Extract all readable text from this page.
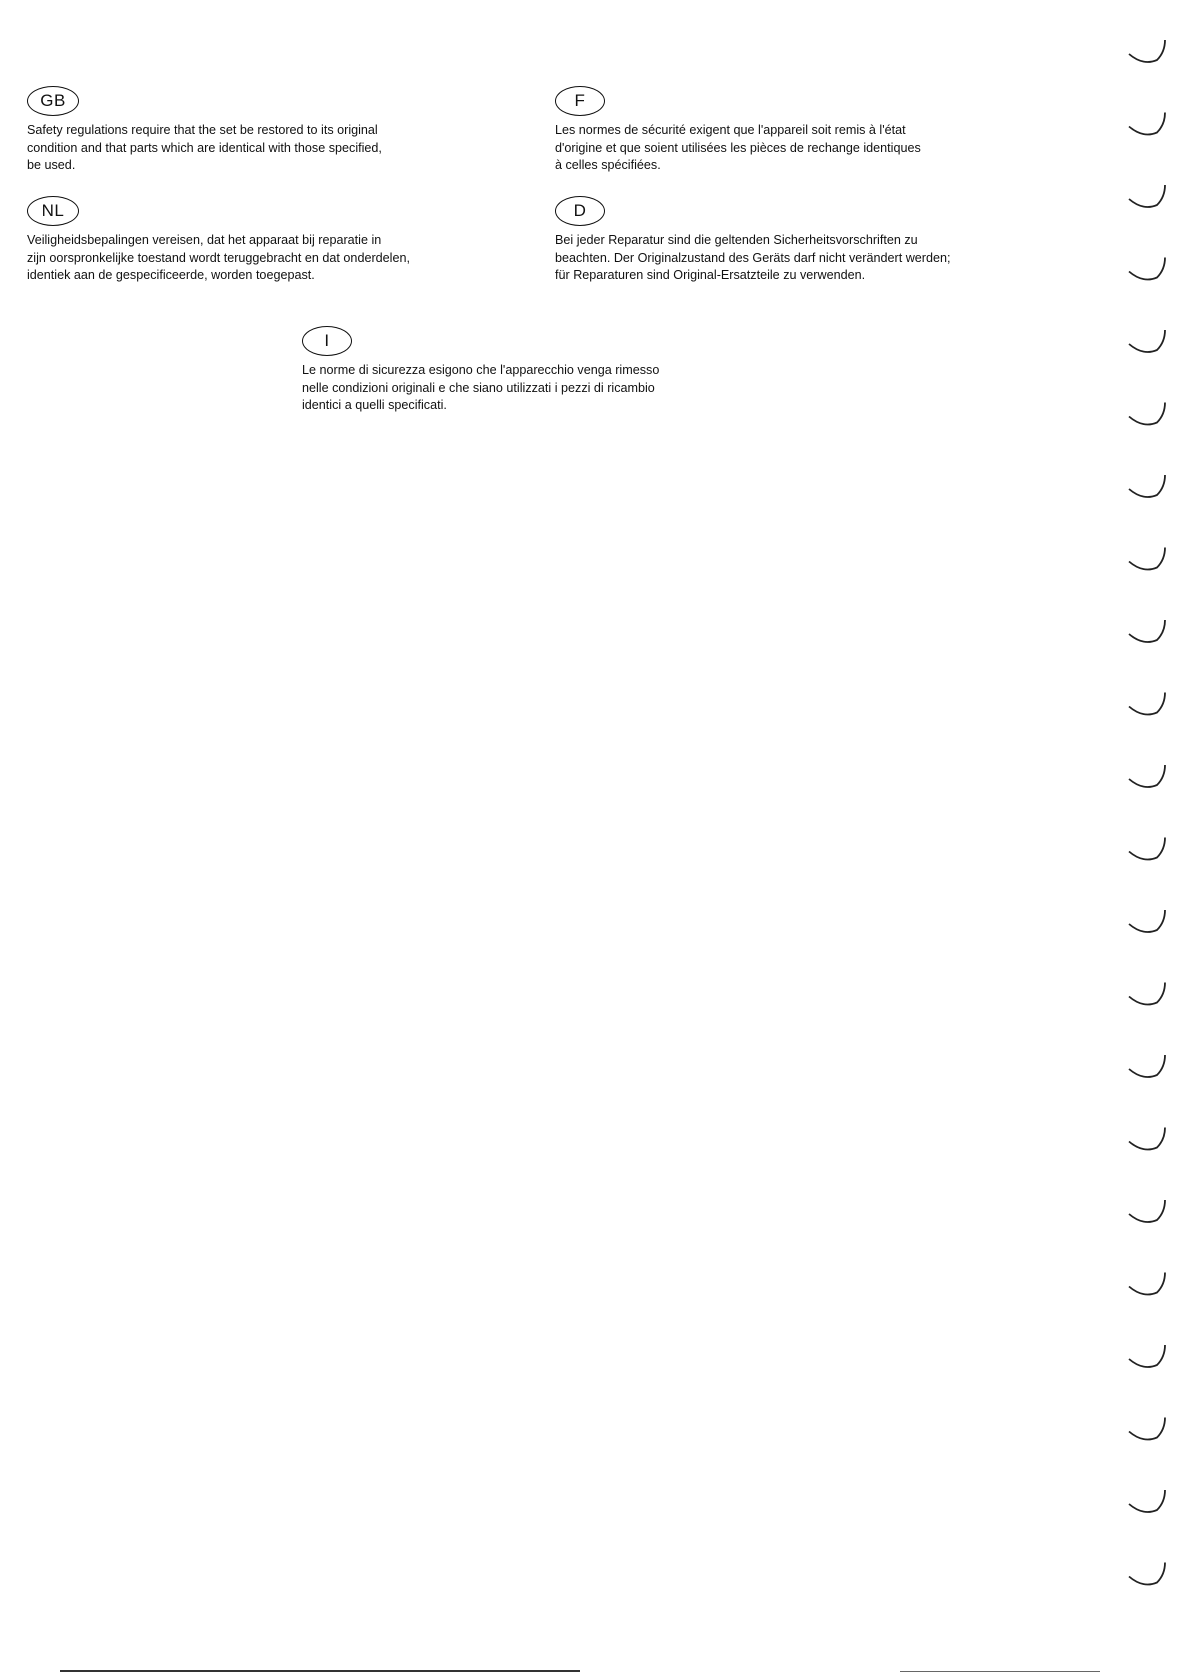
GB
Safety regulations require that the set be restored to its original
condition and that parts which are identical with those specified,
be used.
F
Les normes de sécurité exigent que l'appareil soit remis à l'état
d'origine et que soient utilisées les pièces de rechange identiques
à celles spécifiées.
NL
Veiligheidsbepalingen vereisen, dat het apparaat bij reparatie in
zijn oorspronkelijke toestand wordt teruggebracht en dat onderdelen,
identiek aan de gespecificeerde, worden toegepast.
D
Bei jeder Reparatur sind die geltenden Sicherheitsvorschriften zu
beachten. Der Originalzustand des Geräts darf nicht verändert werden;
für Reparaturen sind Original-Ersatzteile zu verwenden.
I
Le norme di sicurezza esigono che l'apparecchio venga rimesso
nelle condizioni originali e che siano utilizzati i pezzi di ricambio
identici a quelli specificati.
